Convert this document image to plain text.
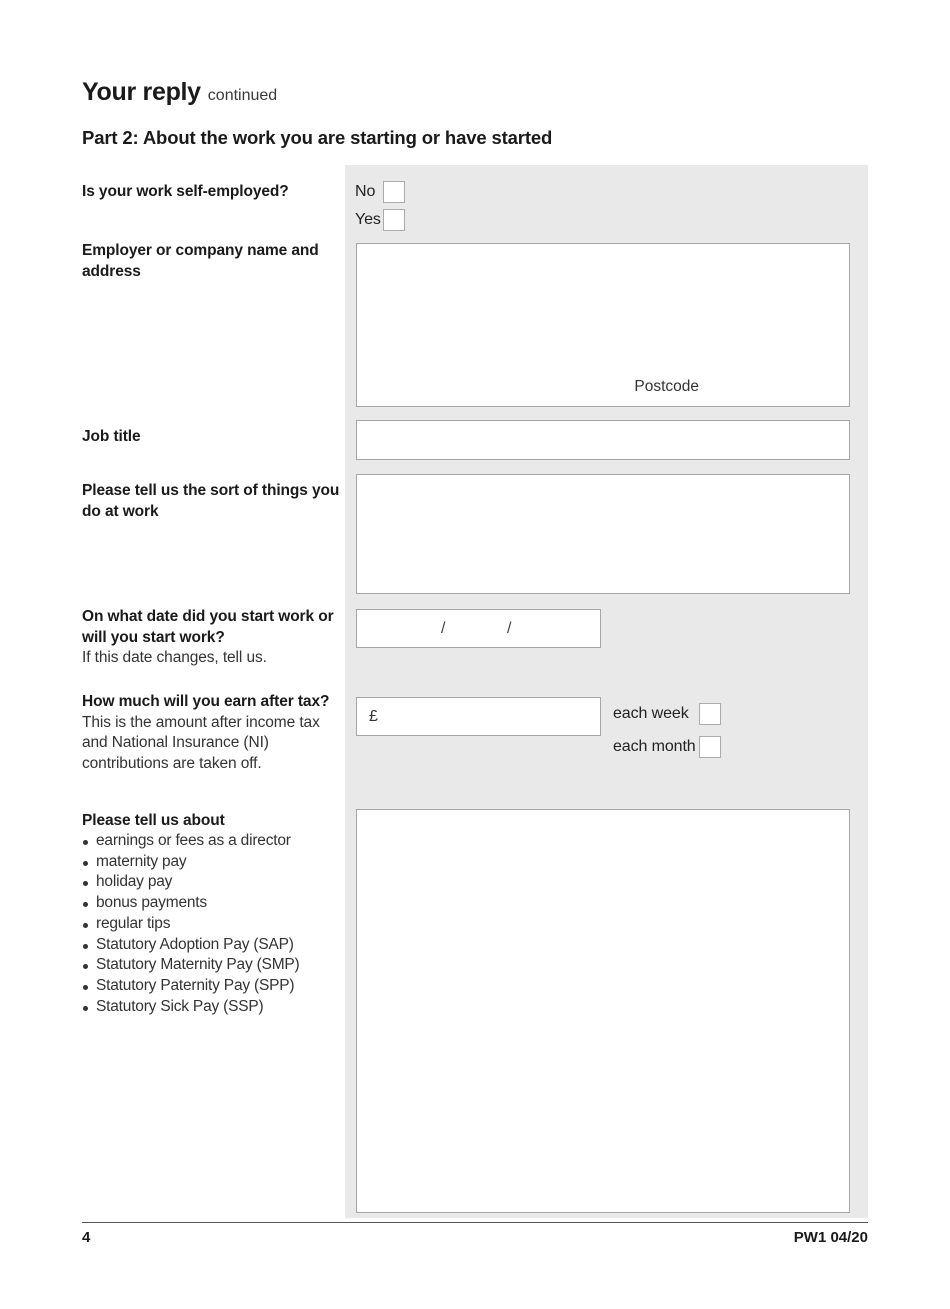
Your reply continued
Part 2: About the work you are starting or have started
Is your work self-employed?	No
Yes
Employer or company name and address
Postcode
Job title
Please tell us the sort of things you do at work
On what date did you start work or will you start work?
If this date changes, tell us.
/	/
How much will you earn after tax?
This is the amount after income tax and National Insurance (NI) contributions are taken off.
£	each week
each month
Please tell us about
earnings or fees as a director
maternity pay
holiday pay
bonus payments
regular tips
Statutory Adoption Pay (SAP)
Statutory Maternity Pay (SMP)
Statutory Paternity Pay (SPP)
Statutory Sick Pay (SSP)
4	PW1 04/20
